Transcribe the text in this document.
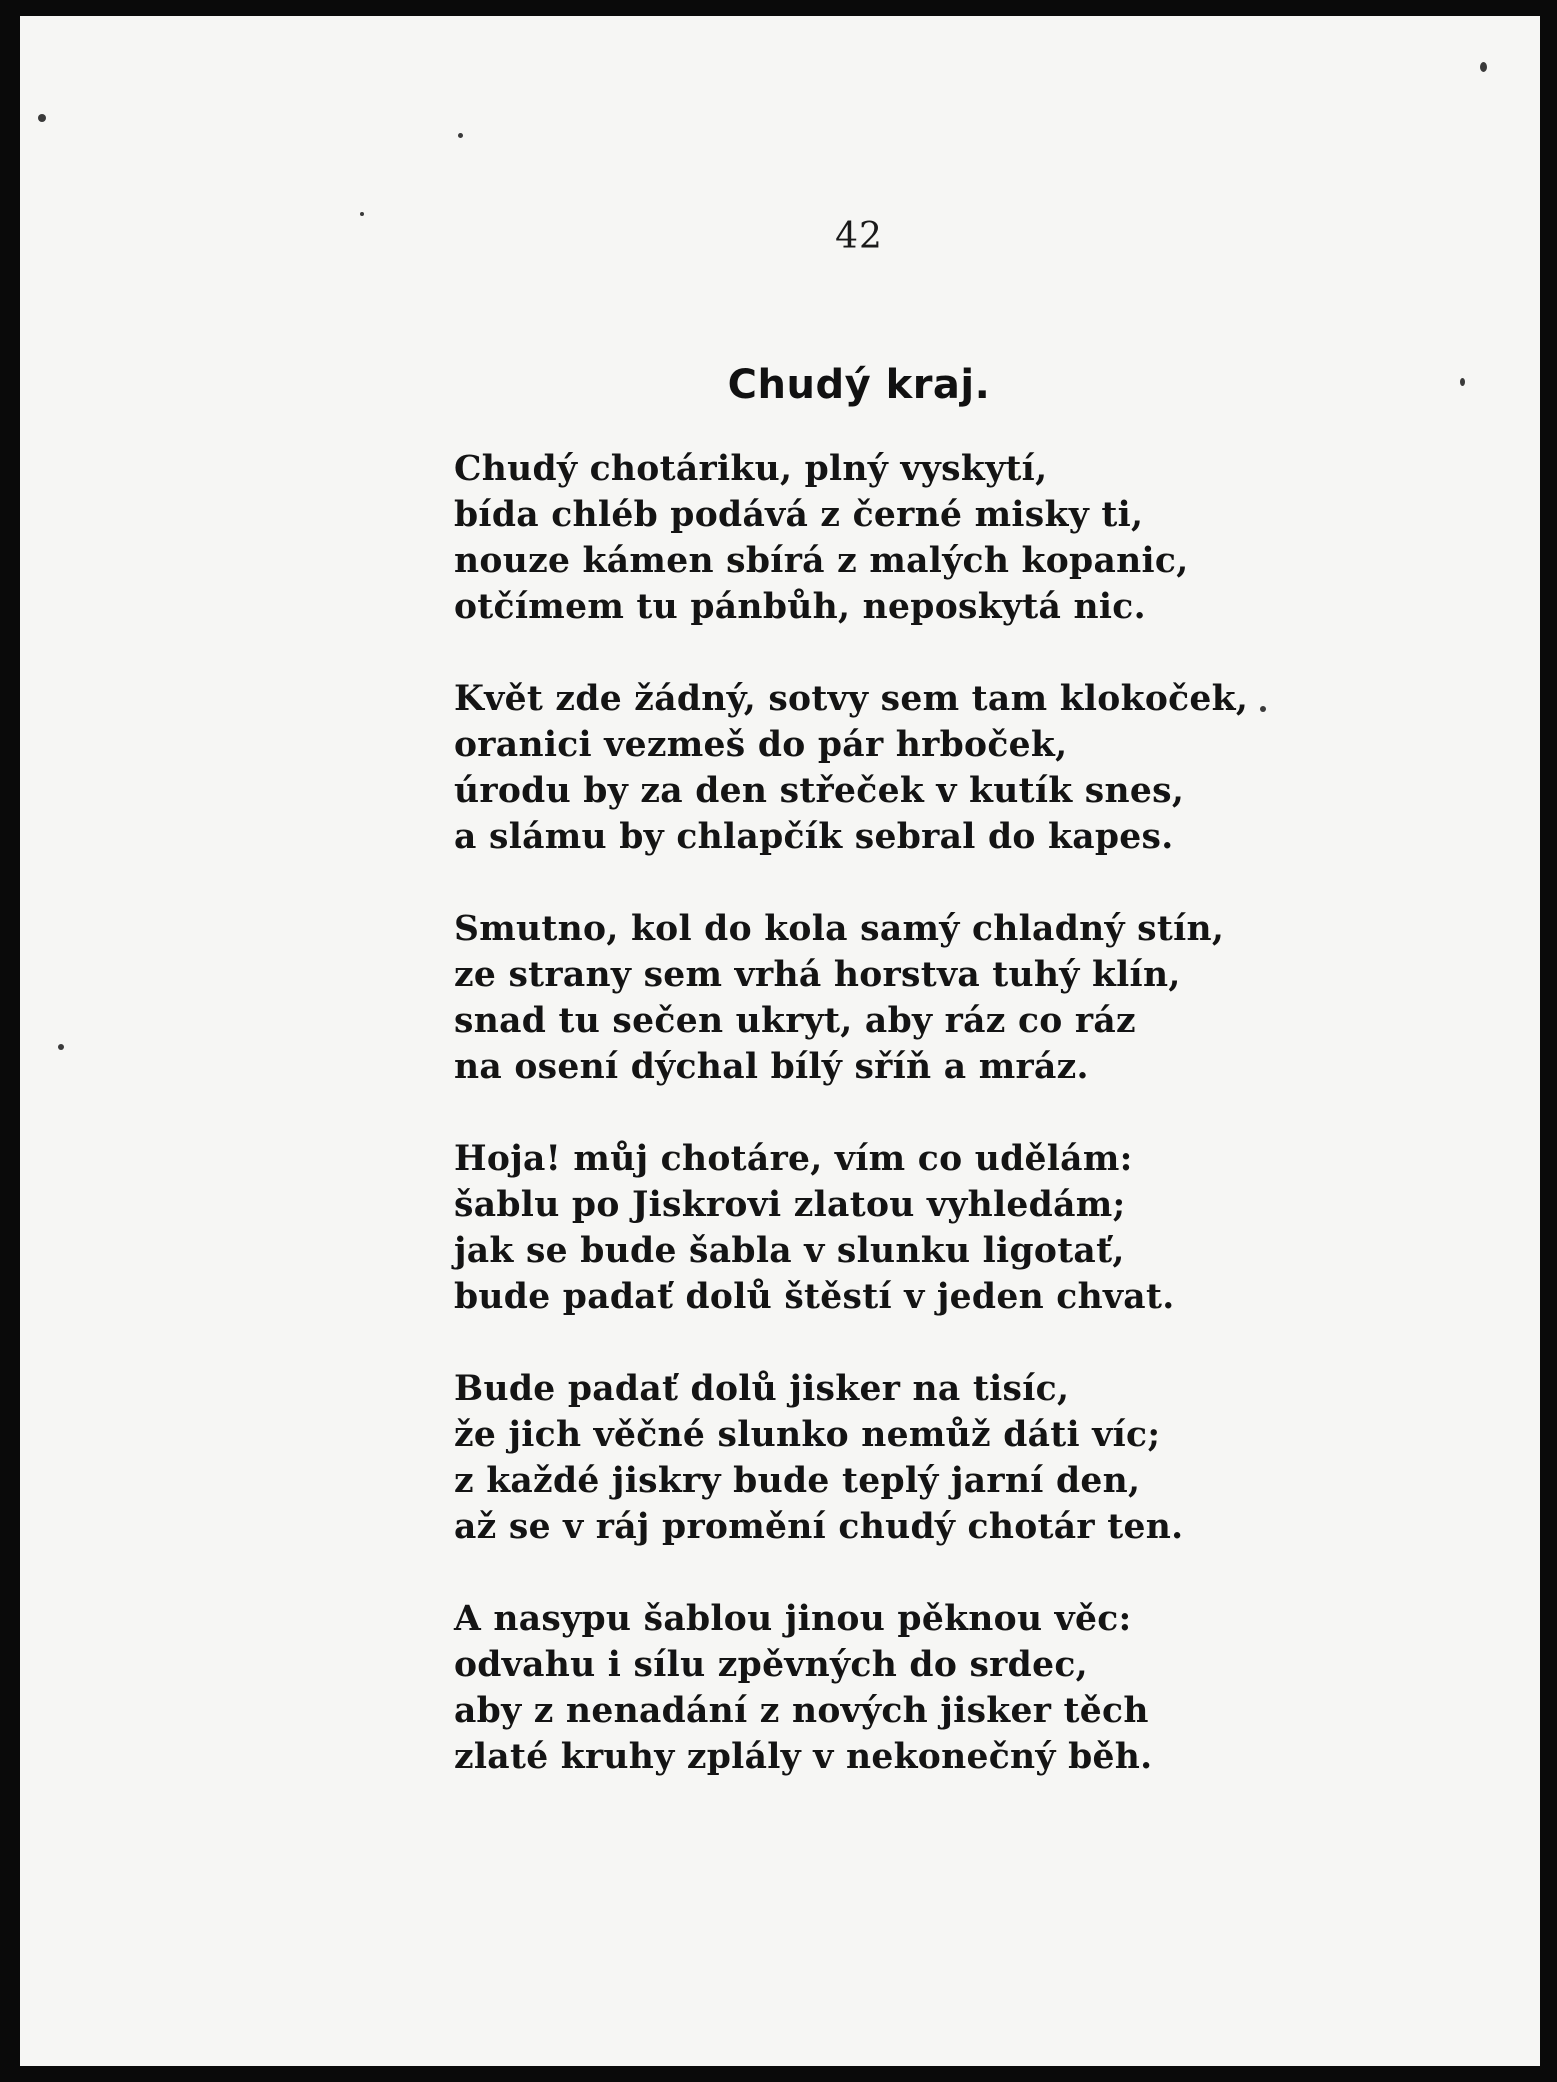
42
Chudý kraj.
Chudý chotáriku, plný vyskytí,
bída chléb podává z černé misky ti,
nouze kámen sbírá z malých kopanic,
otčímem tu pánbůh, neposkytá nic.
Květ zde žádný, sotvy sem tam klokoček,
oranici vezmeš do pár hrboček,
úrodu by za den střeček v kutík snes,
a slámu by chlapčík sebral do kapes.
Smutno, kol do kola samý chladný stín,
ze strany sem vrhá horstva tuhý klín,
snad tu sečen ukryt, aby ráz co ráz
na osení dýchal bílý sříň a mráz.
Hoja! můj chotáre, vím co udělám:
šablu po Jiskrovi zlatou vyhledám;
jak se bude šabla v slunku ligotať,
bude padať dolů štěstí v jeden chvat.
Bude padať dolů jisker na tisíc,
že jich věčné slunko nemůž dáti víc;
z každé jiskry bude teplý jarní den,
až se v ráj promění chudý chotár ten.
A nasypu šablou jinou pěknou věc:
odvahu i sílu zpěvných do srdec,
aby z nenadání z nových jisker těch
zlaté kruhy zplály v nekonečný běh.
